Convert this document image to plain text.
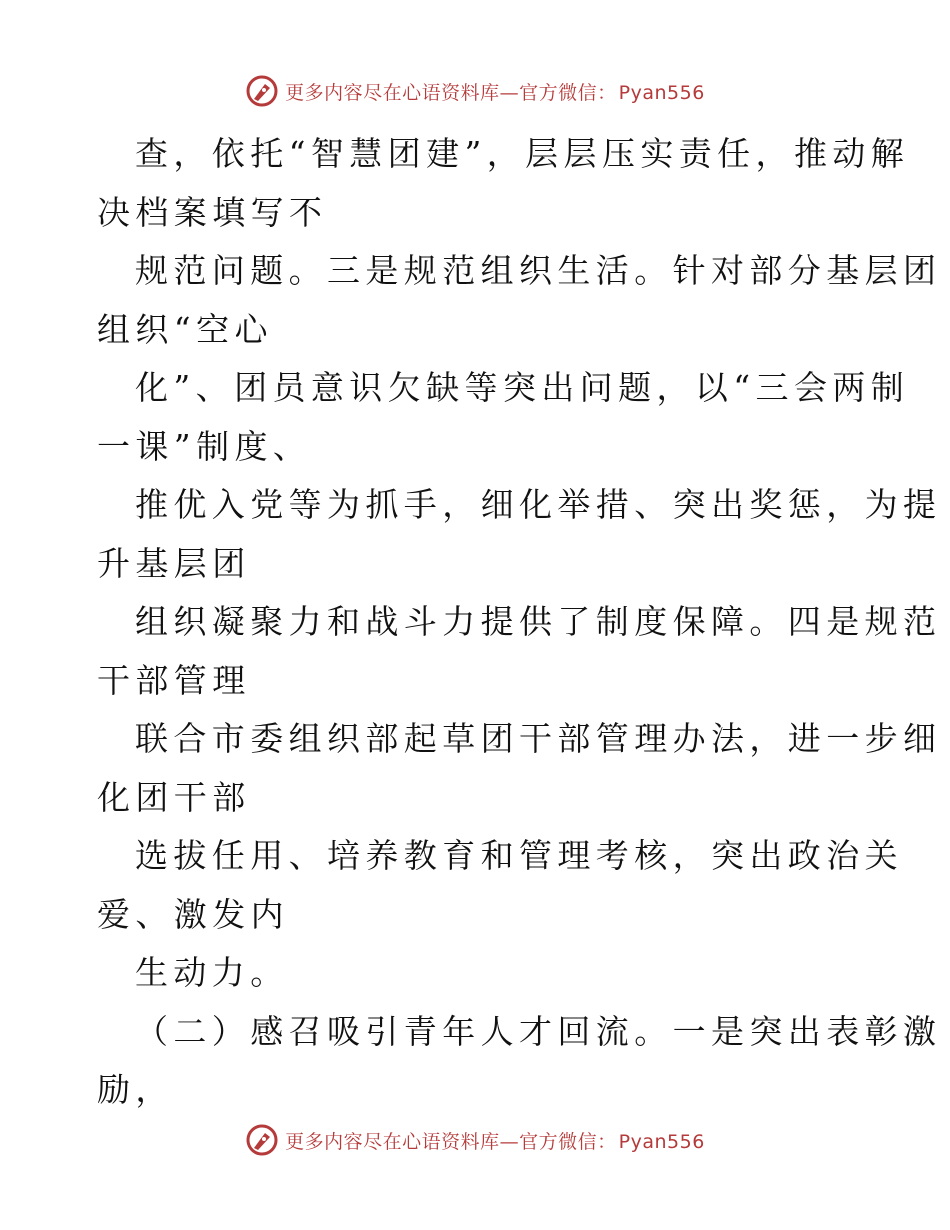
更多内容尽在心语资料库—官方微信： Pyan556
查，依托“智慧团建”，层层压实责任，推动解
决档案填写不
规范问题。三是规范组织生活。针对部分基层团
组织“空心
化”、团员意识欠缺等突出问题，以“三会两制
一课”制度、
推优入党等为抓手，细化举措、突出奖惩，为提
升基层团
组织凝聚力和战斗力提供了制度保障。四是规范
干部管理
联合市委组织部起草团干部管理办法，进一步细
化团干部
选拔任用、培养教育和管理考核，突出政治关
爱、激发内
生动力。
（二）感召吸引青年人才回流。一是突出表彰激
励，
更多内容尽在心语资料库—官方微信： Pyan556
